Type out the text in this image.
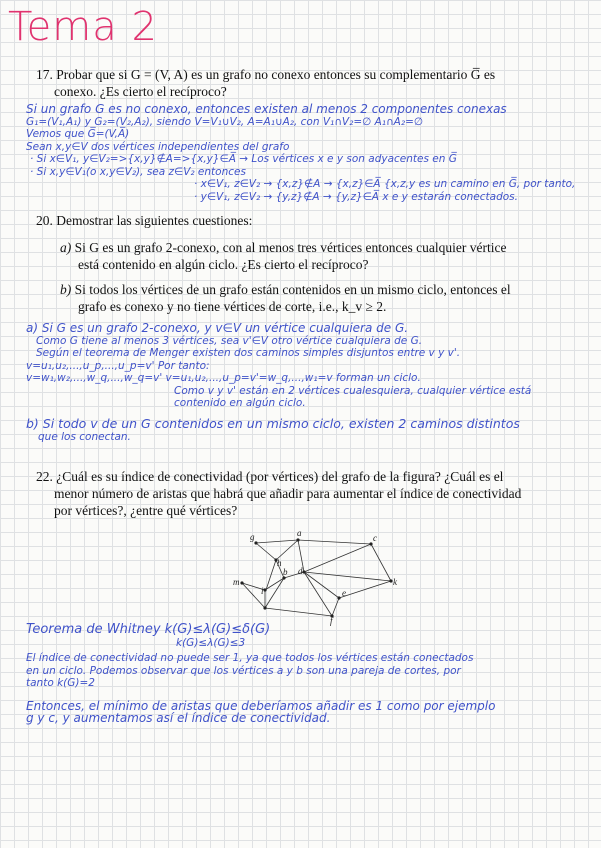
Tema 2
17. Probar que si G = (V, A) es un grafo no conexo entonces su complementario G̅ es
conexo. ¿Es cierto el recíproco?
Si un grafo G es no conexo, entonces existen al menos 2 componentes conexas
G₁=(V₁,A₁) y G₂=(V₂,A₂), siendo V=V₁∪V₂, A=A₁∪A₂, con V₁∩V₂=∅ A₁∩A₂=∅
Vemos que G̅=(V,A̅)
Sean x,y∈V dos vértices independientes del grafo
· Si x∈V₁, y∈V₂=>{x,y}∉A=>{x,y}∈A̅ → Los vértices x e y son adyacentes en G̅
· Si x,y∈V₁(o x,y∈V₂), sea z∈V₂ entonces
· x∈V₁, z∈V₂ → {x,z}∉A → {x,z}∈A̅ {x,z,y es un camino en G̅, por tanto,
· y∈V₁, z∈V₂ → {y,z}∉A → {y,z}∈A̅ x e y estarán conectados.
20. Demostrar las siguientes cuestiones:
a) Si G es un grafo 2-conexo, con al menos tres vértices entonces cualquier vértice
está contenido en algún ciclo. ¿Es cierto el recíproco?
b) Si todos los vértices de un grafo están contenidos en un mismo ciclo, entonces el
grafo es conexo y no tiene vértices de corte, i.e., k_v ≥ 2.
a) Si G es un grafo 2-conexo, y v∈V un vértice cualquiera de G.
Como G tiene al menos 3 vértices, sea v'∈V otro vértice cualquiera de G.
Según el teorema de Menger existen dos caminos simples disjuntos entre v y v'.
v=u₁,u₂,...,u_p,...,u_p=v' Por tanto:
v=w₁,w₂,...,w_q,...,w_q=v' v=u₁,u₂,...,u_p=v'=w_q,...,w₁=v forman un ciclo.
Como v y v' están en 2 vértices cualesquiera, cualquier vértice está
contenido en algún ciclo.
b) Si todo v de un G contenidos en un mismo ciclo, existen 2 caminos distintos
que los conectan.
22. ¿Cuál es su índice de conectividad (por vértices) del grafo de la figura? ¿Cuál es el
menor número de aristas que habrá que añadir para aumentar el índice de conectividad
por vértices?, ¿entre qué vértices?
g	a	c
h
b d
m
i	e
k
f
Teorema de Whitney k(G)≤λ(G)≤δ(G)
k(G)≤λ(G)≤3
El índice de conectividad no puede ser 1, ya que todos los vértices están conectados
en un ciclo. Podemos observar que los vértices a y b son una pareja de cortes, por
tanto k(G)=2
Entonces, el mínimo de aristas que deberíamos añadir es 1 como por ejemplo
g y c, y aumentamos así el índice de conectividad.
